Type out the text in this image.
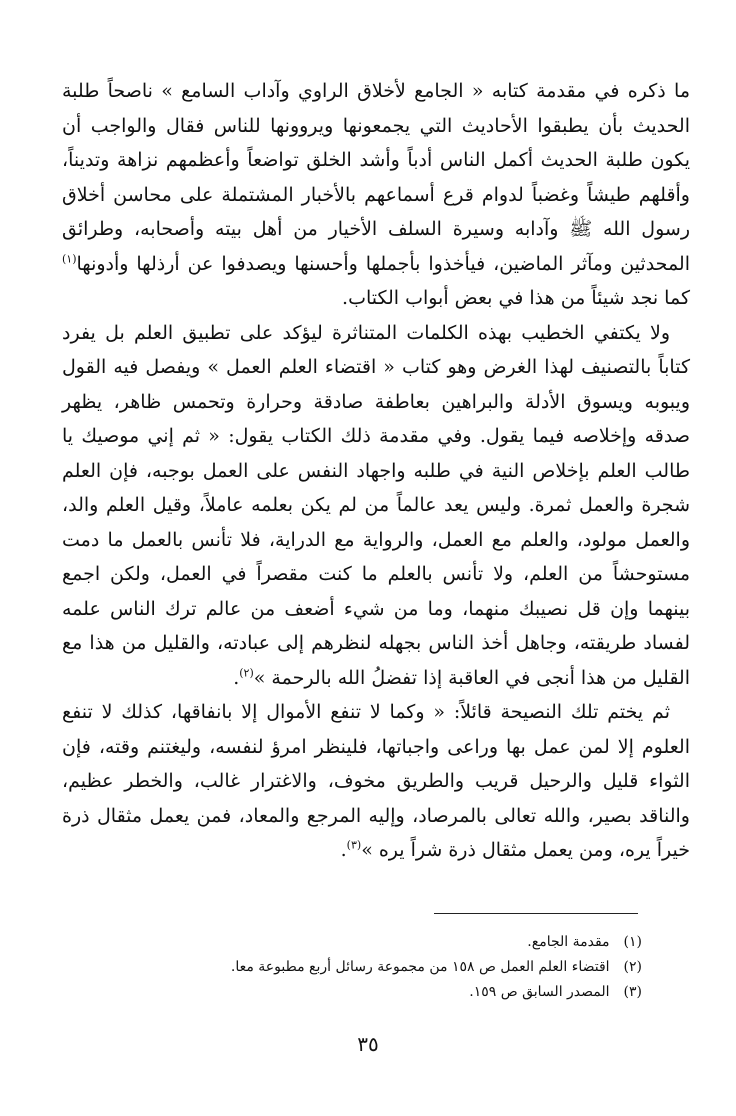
ما ذكره في مقدمة كتابه « الجامع لأخلاق الراوي وآداب السامع » ناصحاً طلبة الحديث بأن يطبقوا الأحاديث التي يجمعونها ويروونها للناس فقال والواجب أن يكون طلبة الحديث أكمل الناس أدباً وأشد الخلق تواضعاً وأعظمهم نزاهة وتديناً، وأقلهم طيشاً وغضباً لدوام قرع أسماعهم بالأخبار المشتملة على محاسن أخلاق رسول الله ﷺ وآدابه وسيرة السلف الأخيار من أهل بيته وأصحابه، وطرائق المحدثين ومآثر الماضين، فيأخذوا بأجملها وأحسنها ويصدفوا عن أرذلها وأدونها$^{(١)}$ كما نجد شيئاً من هذا في بعض أبواب الكتاب.

ولا يكتفي الخطيب بهذه الكلمات المتناثرة ليؤكد على تطبيق العلم بل يفرد كتاباً بالتصنيف لهذا الغرض وهو كتاب « اقتضاء العلم العمل » ويفصل فيه القول ويبوبه ويسوق الأدلة والبراهين بعاطفة صادقة وحرارة وتحمس ظاهر، يظهر صدقه وإخلاصه فيما يقول. وفي مقدمة ذلك الكتاب يقول: « ثم إني موصيك يا طالب العلم بإخلاص النية في طلبه واجهاد النفس على العمل بوجبه، فإن العلم شجرة والعمل ثمرة. وليس يعد عالماً من لم يكن بعلمه عاملاً، وقيل العلم والد، والعمل مولود، والعلم مع العمل، والرواية مع الدراية، فلا تأنس بالعمل ما دمت مستوحشاً من العلم، ولا تأنس بالعلم ما كنت مقصراً في العمل، ولكن اجمع بينهما وإن قل نصيبك منهما، وما من شيء أضعف من عالم ترك الناس علمه لفساد طريقته، وجاهل أخذ الناس بجهله لنظرهم إلى عبادته، والقليل من هذا مع القليل من هذا أنجى في العاقبة إذا تفضلُ الله بالرحمة »$^{(٢)}$.

ثم يختم تلك النصيحة قائلاً: « وكما لا تنفع الأموال إلا بانفاقها، كذلك لا تنفع العلوم إلا لمن عمل بها وراعى واجباتها، فلينظر امرؤ لنفسه، وليغتنم وقته، فإن الثواء قليل والرحيل قريب والطريق مخوف، والاغترار غالب، والخطر عظيم، والناقد بصير، والله تعالى بالمرصاد، وإليه المرجع والمعاد، فمن يعمل مثقال ذرة خيراً يره، ومن يعمل مثقال ذرة شراً يره »$^{(٣)}$.

(١) مقدمة الجامع.
(٢) اقتضاء العلم العمل ص ١٥٨ من مجموعة رسائل أربع مطبوعة معا.
(٣) المصدر السابق ص ١٥٩.
٣٥
